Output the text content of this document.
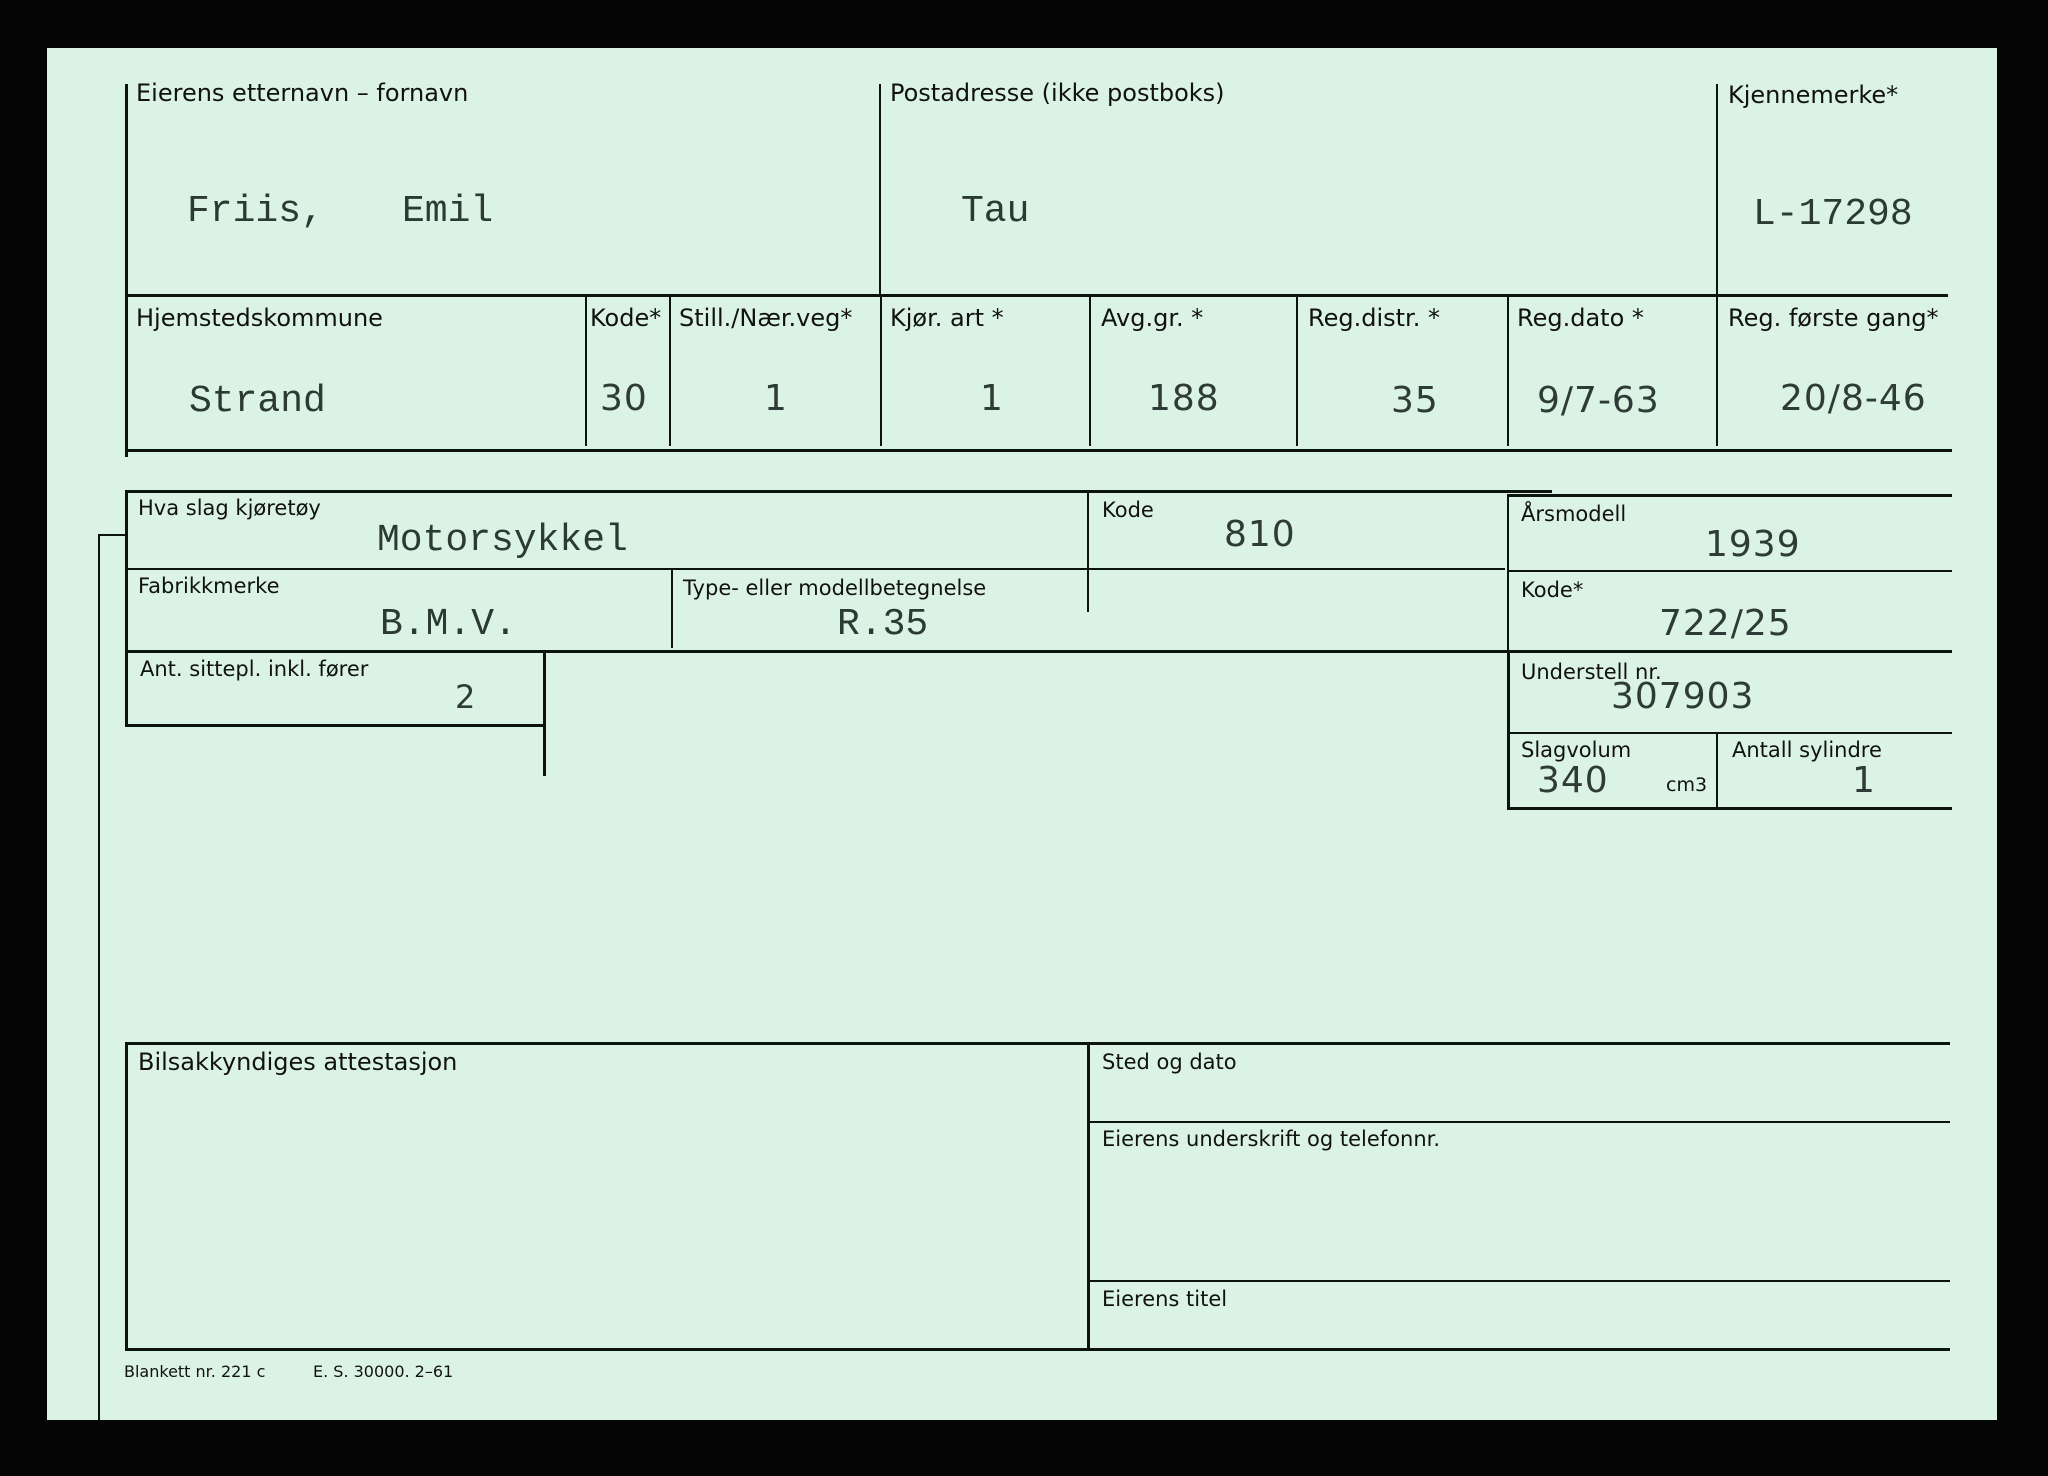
Eierens etternavn – fornavn
Friis, Emil
Postadresse (ikke postboks)
Tau
Kjennemerke*
L-17298
Hjemstedskommune
Strand
Kode*
30
Still./Nær.veg*
1
Kjør. art *
1
Avg.gr. *
188
Reg.distr. *
35
Reg.dato *
9/7-63
Reg. første gang*
20/8-46
Hva slag kjøretøy
Motorsykkel
Kode
810	Årsmodell
1939
Fabrikkmerke
B.M.V.
Type- eller modellbetegnelse
R.35
Kode*
722/25
Ant. sittepl. inkl. fører
2
Understell nr.
307903
Slagvolum
340	cm3
Antall sylindre
1
Bilsakkyndiges attestasjon	Sted og dato
Eierens underskrift og telefonnr.
Eierens titel
Blankett nr. 221 c	E. S. 30000. 2–61
